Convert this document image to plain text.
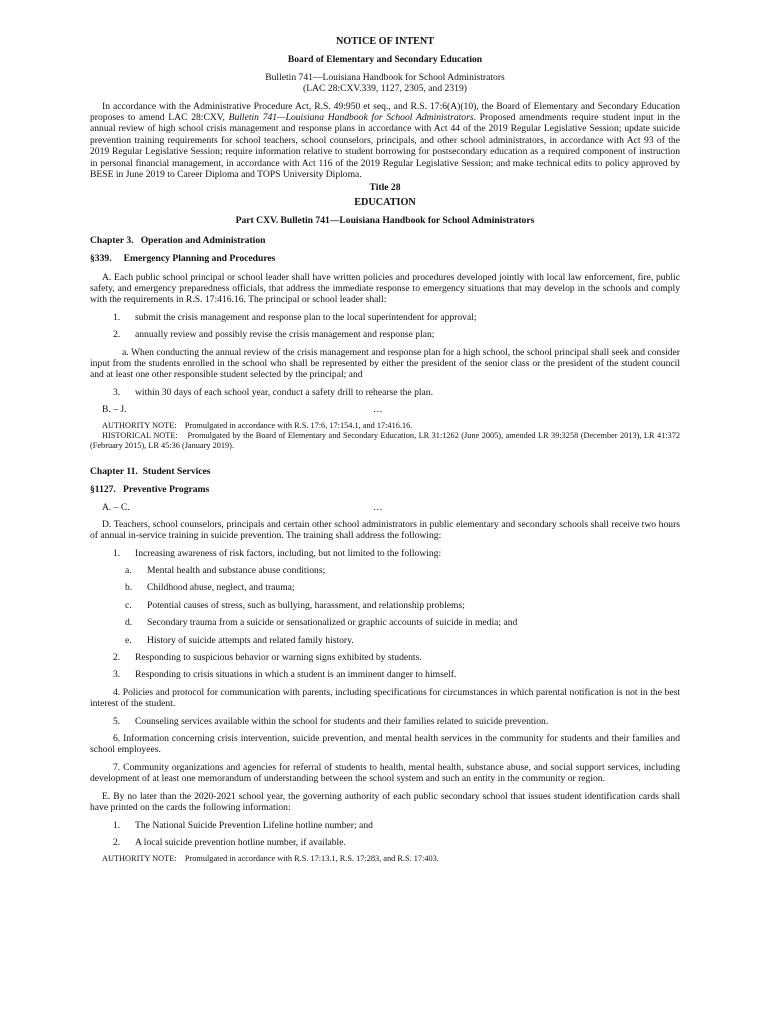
NOTICE OF INTENT

Board of Elementary and Secondary Education

Bulletin 741—Louisiana Handbook for School Administrators

(LAC 28:CXV.339, 1127, 2305, and 2319)

In accordance with the Administrative Procedure Act, R.S. 49:950 et seq., and R.S. 17:6(A)(10), the Board of Elementary and Secondary Education proposes to amend LAC 28:CXV, Bulletin 741—Louisiana Handbook for School Administrators. Proposed amendments require student input in the annual review of high school crisis management and response plans in accordance with Act 44 of the 2019 Regular Legislative Session; update suicide prevention training requirements for school teachers, school counselors, principals, and other school administrators, in accordance with Act 93 of the 2019 Regular Legislative Session; require information relative to student borrowing for postsecondary education as a required component of instruction in personal financial management, in accordance with Act 116 of the 2019 Regular Legislative Session; and make technical edits to policy approved by BESE in June 2019 to Career Diploma and TOPS University Diploma.

Title 28

EDUCATION

Part CXV. Bulletin 741—Louisiana Handbook for School Administrators

Chapter 3.   Operation and Administration

§339.     Emergency Planning and Procedures

A. Each public school principal or school leader shall have written policies and procedures developed jointly with local law enforcement, fire, public safety, and emergency preparedness officials, that address the immediate response to emergency situations that may develop in the schools and comply with the requirements in R.S. 17:416.16. The principal or school leader shall:

1. submit the crisis management and response plan to the local superintendent for approval;

2. annually review and possibly revise the crisis management and response plan;

a. When conducting the annual review of the crisis management and response plan for a high school, the school principal shall seek and consider input from the students enrolled in the school who shall be represented by either the president of the senior class or the president of the student council and at least one other responsible student selected by the principal; and

3. within 30 days of each school year, conduct a safety drill to rehearse the plan.

B. – J.	…

AUTHORITY NOTE:    Promulgated in accordance with R.S. 17:6, 17:154.1, and 17:416.16.

HISTORICAL NOTE:    Promulgated by the Board of Elementary and Secondary Education, LR 31:1262 (June 2005), amended LR 39:3258 (December 2013), LR 41:372 (February 2015), LR 45:36 (January 2019).

Chapter 11.  Student Services

§1127.   Preventive Programs

A. – C.	…

D. Teachers, school counselors, principals and certain other school administrators in public elementary and secondary schools shall receive two hours of annual in-service training in suicide prevention. The training shall address the following:

1. Increasing awareness of risk factors, including, but not limited to the following:

a. Mental health and substance abuse conditions;

b. Childhood abuse, neglect, and trauma;

c. Potential causes of stress, such as bullying, harassment, and relationship problems;

d. Secondary trauma from a suicide or sensationalized or graphic accounts of suicide in media; and

e. History of suicide attempts and related family history.

2. Responding to suspicious behavior or warning signs exhibited by students.

3. Responding to crisis situations in which a student is an imminent danger to himself.

4. Policies and protocol for communication with parents, including specifications for circumstances in which parental notification is not in the best interest of the student.

5. Counseling services available within the school for students and their families related to suicide prevention.

6. Information concerning crisis intervention, suicide prevention, and mental health services in the community for students and their families and school employees.

7. Community organizations and agencies for referral of students to health, mental health, substance abuse, and social support services, including development of at least one memorandum of understanding between the school system and such an entity in the community or region.

E. By no later than the 2020-2021 school year, the governing authority of each public secondary school that issues student identification cards shall have printed on the cards the following information:

1. The National Suicide Prevention Lifeline hotline number; and

2. A local suicide prevention hotline number, if available.

AUTHORITY NOTE:    Promulgated in accordance with R.S. 17:13.1, R.S. 17:283, and R.S. 17:403.
